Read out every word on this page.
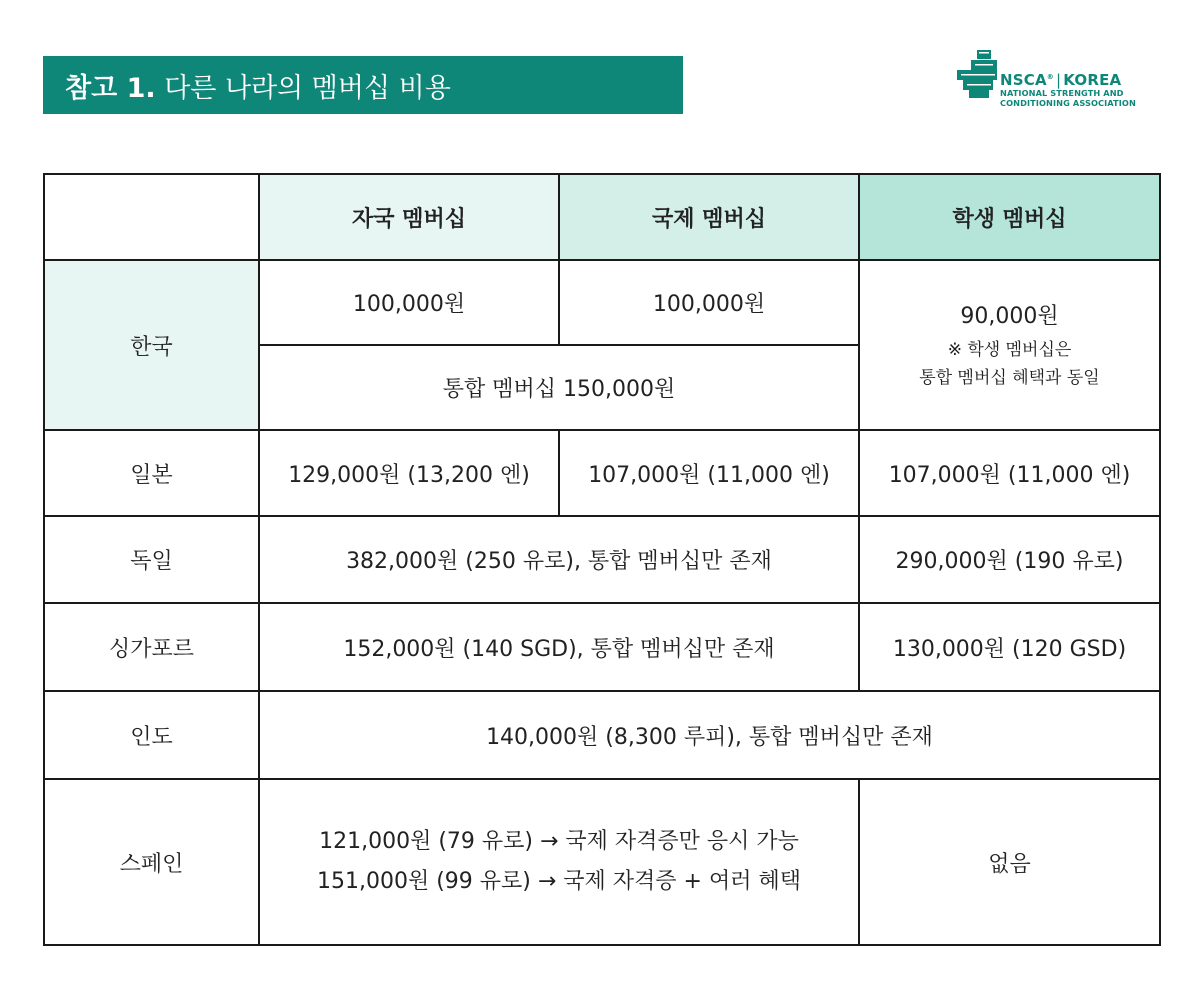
참고 1. 다른 나라의 멤버십 비용	NSCA® | KOREA
NATIONAL STRENGTH AND
CONDITIONING ASSOCIATION
	자국 멤버십	국제 멤버십	학생 멤버십
한국	100,000원	100,000원	90,000원
※ 학생 멤버십은
통합 멤버십 혜택과 동일

	통합 멤버십 150,000원		
일본	129,000원 (13,200 엔)	107,000원 (11,000 엔)	107,000원 (11,000 엔)
독일	382,000원 (250 유로), 통합 멤버십만 존재		290,000원 (190 유로)
싱가포르	152,000원 (140 SGD), 통합 멤버십만 존재		130,000원 (120 GSD)
인도	140,000원 (8,300 루피), 통합 멤버십만 존재		
스페인	121,000원 (79 유로) → 국제 자격증만 응시 가능
151,000원 (99 유로) → 국제 자격증 + 여러 혜택		없음
